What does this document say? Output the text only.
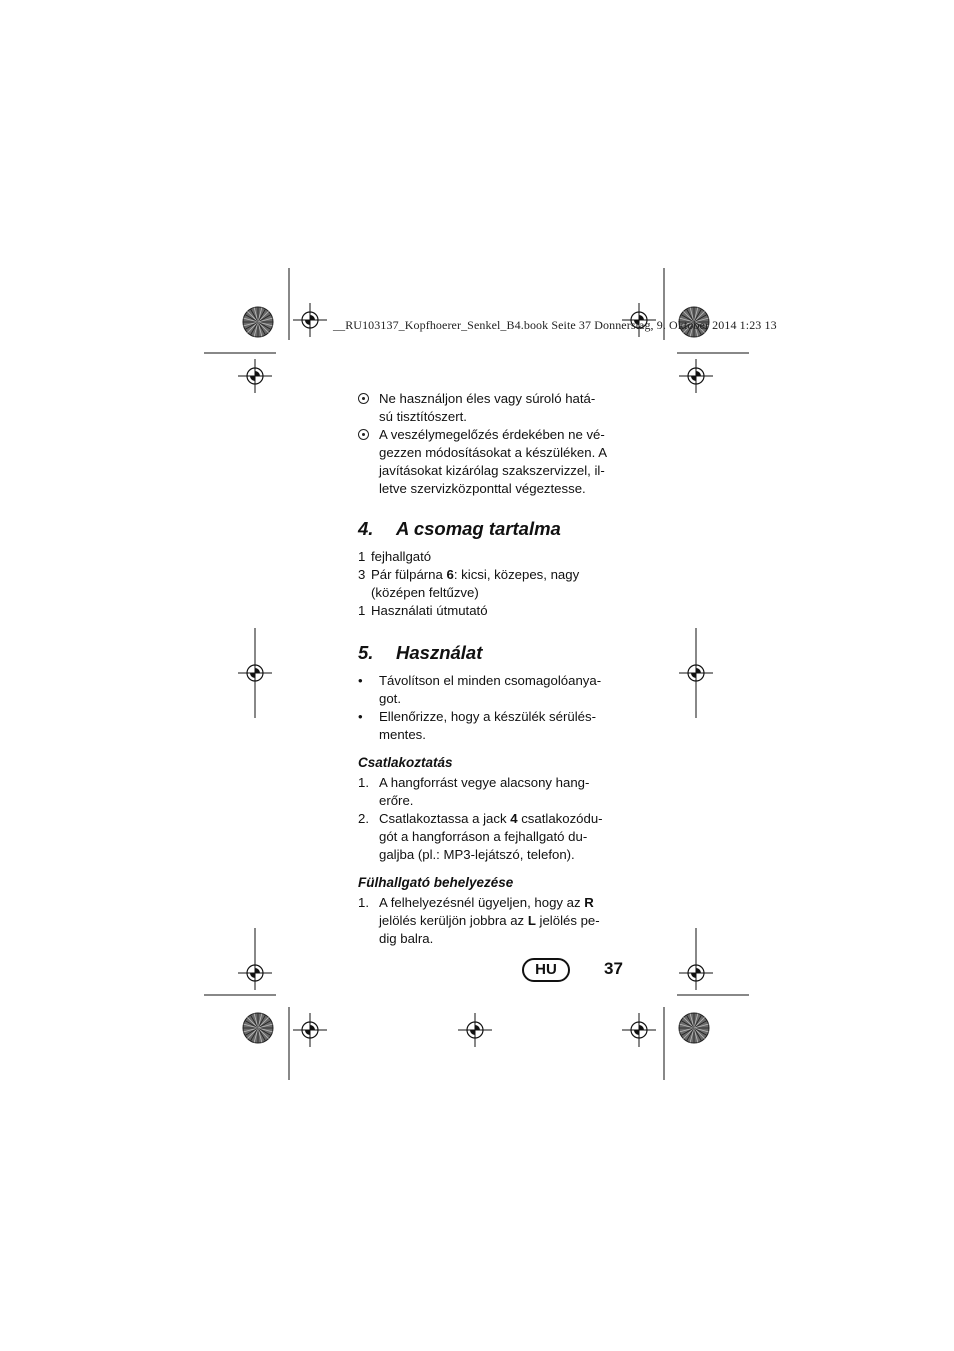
__RU103137_Kopfhoerer_Senkel_B4.book Seite 37 Donnerstag, 9. Oktober 2014 1:23 13
Ne használjon éles vagy súroló hatá-
sú tisztítószert.
A veszélymegelőzés érdekében ne vé-
gezzen módosításokat a készüléken. A
javításokat kizárólag szakszervizzel, il-
letve szervizközponttal végeztesse.
4. A csomag tartalma
1 fejhallgató
3 Pár fülpárna 6: kicsi, közepes, nagy
(középen feltűzve)
1 Használati útmutató
5. Használat
• Távolítson el minden csomagolóanya-
got.
• Ellenőrizze, hogy a készülék sérülés-
mentes.
Csatlakoztatás
1. A hangforrást vegye alacsony hang-
erőre.
2. Csatlakoztassa a jack 4 csatlakozódu-
gót a hangforráson a fejhallgató du-
galjba (pl.: MP3-lejátszó, telefon).
Fülhallgató behelyezése
1. A felhelyezésnél ügyeljen, hogy az R
jelölés kerüljön jobbra az L jelölés pe-
dig balra.
HU	37
